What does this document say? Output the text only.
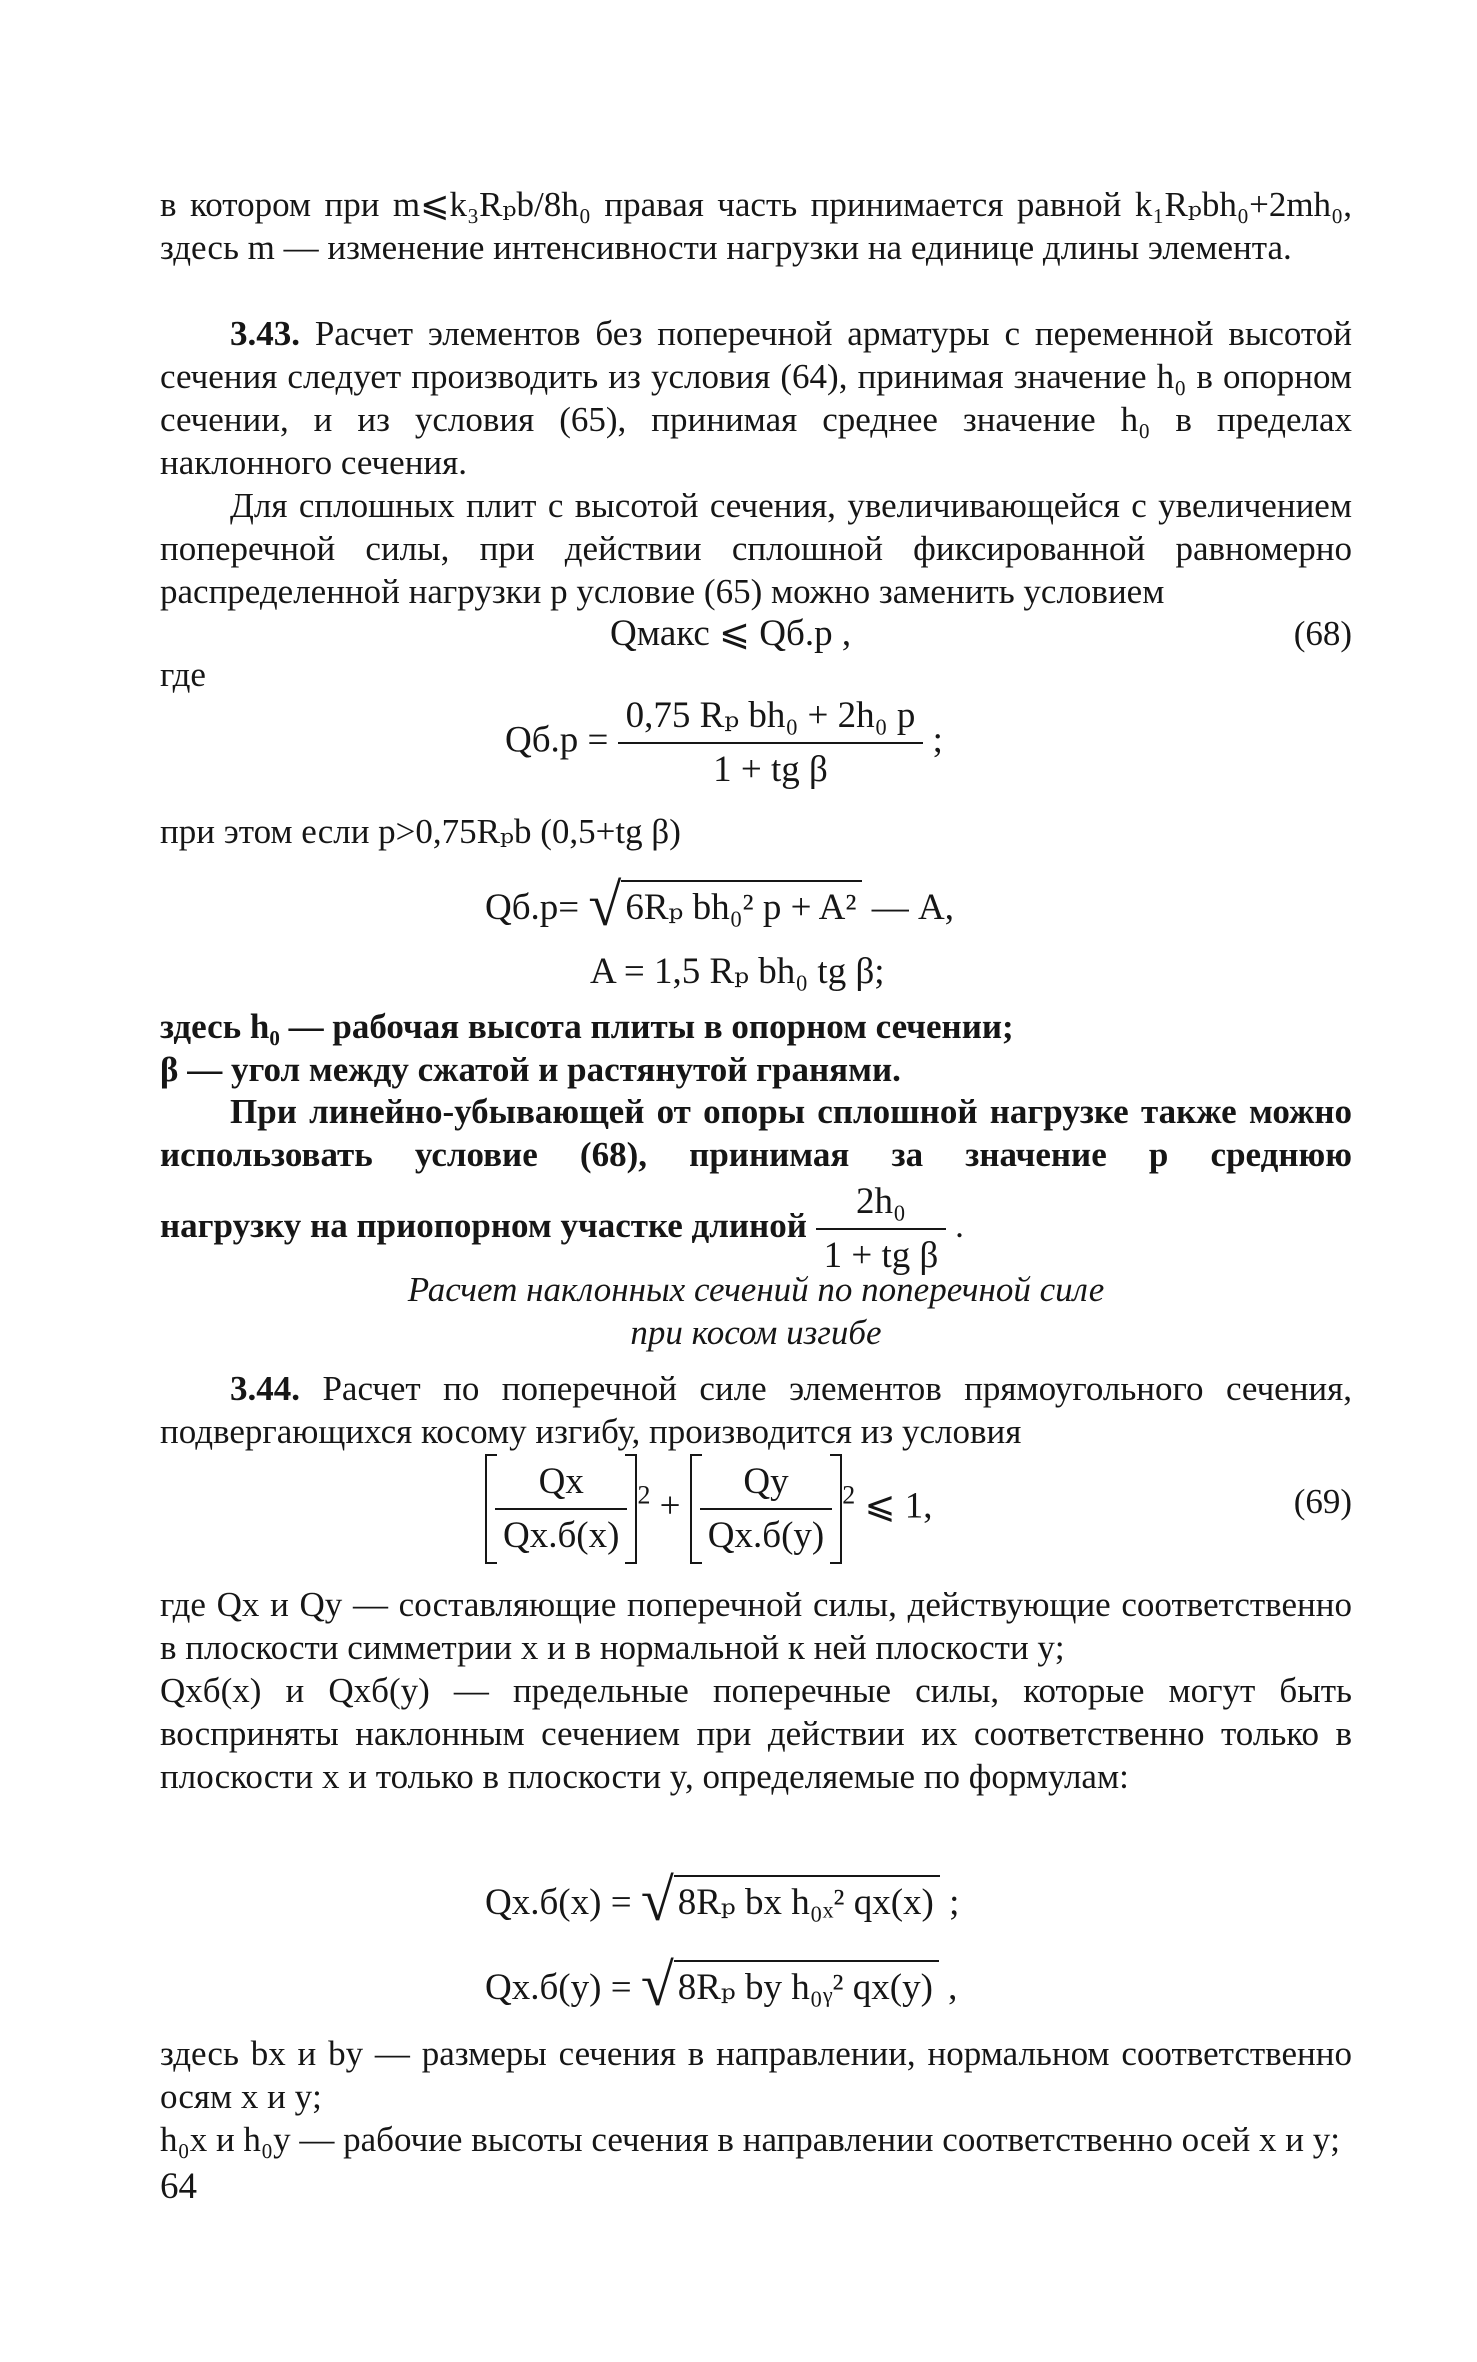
в котором при m⩽k₃Rₚb/8h₀ правая часть принимается равной k₁Rₚbh₀+2mh₀, здесь m — изменение интенсивности нагрузки на единице длины элемента.

3.43. Расчет элементов без поперечной арматуры с переменной высотой сечения следует производить из условия (64), принимая значение h₀ в опорном сечении, и из условия (65), принимая среднее значение h₀ в пределах наклонного сечения.

Для сплошных плит с высотой сечения, увеличивающейся с увеличением поперечной силы, при действии сплошной фиксированной равномерно распределенной нагрузки p условие (65) можно заменить условием

Qмакс ⩽ Qб.р ,	(68)
где
$Qб.р = \frac{\text{0,75 Rₚ bh₀ + 2h₀ p}}{\text{1 + tg β}}$ ;
при этом если p>0,75Rₚb (0,5+tg β)
Qб.р= √ 6Rₚ bh₀² p + A² — A,
A = 1,5 Rₚ bh₀ tg β;

здесь h₀ — рабочая высота плиты в опорном сечении;

β — угол между сжатой и растянутой гранями.

При линейно-убывающей от опоры сплошной нагрузке также можно использовать условие (68), принимая за значение p среднюю

нагрузку на приопорном участке длиной $\frac{\text{2h₀}}{\text{1 + tg β}}$ .
Расчет наклонных сечений по поперечной силе
при косом изгибе

3.44. Расчет по поперечной силе элементов прямоугольного сечения, подвергающихся косому изгибу, производится из условия

$\frac{Qx}{Qx.б(x)} ^2 + \frac{Qy}{Qx.б(y)} ^2$ ⩽ 1,	(69)

где Qx и Qy — составляющие поперечной силы, действующие соответственно в плоскости симметрии x и в нормальной к ней плоскости y;

Qxб(x) и Qxб(y) — предельные поперечные силы, которые могут быть восприняты наклонным сечением при действии их соответственно только в плоскости x и только в плоскости y, определяемые по формулам:

Qx.б(x) = √ 8Rₚ bx h₀ₓ² qx(x) ;
Qx.б(y) = √ 8Rₚ by h₀ᵧ² qx(y) ,

здесь bx и by — размеры сечения в направлении, нормальном соответственно осям x и y;

h₀x и h₀y — рабочие высоты сечения в направлении соответственно осей x и y;

64
